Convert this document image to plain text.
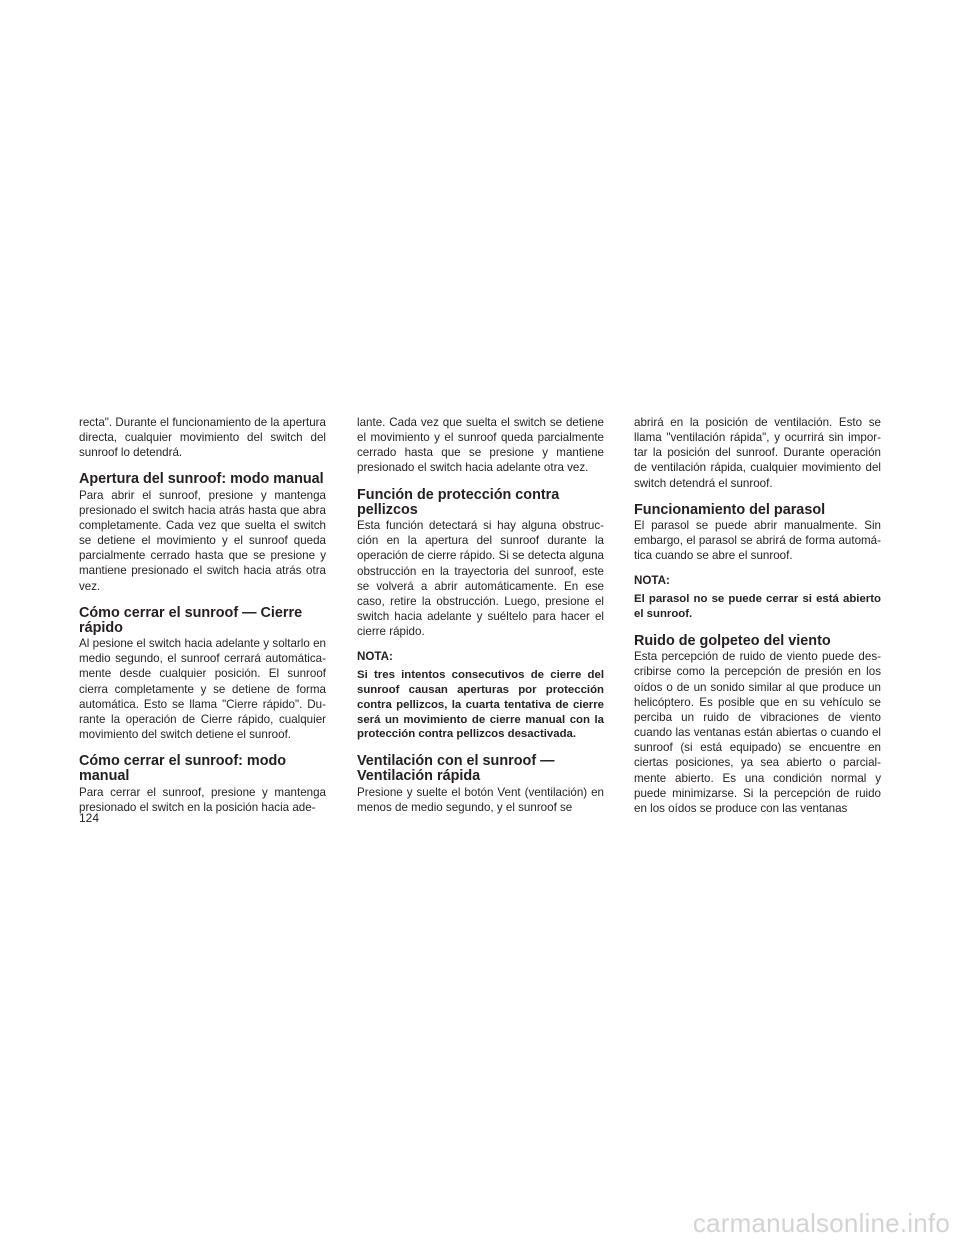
recta". Durante el funcionamiento de la apertura directa, cualquier movimiento del switch del sunroof lo detendrá.

Apertura del sunroof: modo manual

Para abrir el sunroof, presione y mantenga presionado el switch hacia atrás hasta que abra completamente. Cada vez que suelta el switch se detiene el movimiento y el sunroof queda parcialmente cerrado hasta que se presione y mantiene presionado el switch hacia atrás otra vez.

Cómo cerrar el sunroof — Cierre rápido

Al pesione el switch hacia adelante y soltarlo en medio segundo, el sunroof cerrará automática- mente desde cualquier posición. El sunroof cierra completamente y se detiene de forma automática. Esto se llama "Cierre rápido". Du- rante la operación de Cierre rápido, cualquier movimiento del switch detiene el sunroof.

Cómo cerrar el sunroof: modo manual

Para cerrar el sunroof, presione y mantenga presionado el switch en la posición hacia ade-

lante. Cada vez que suelta el switch se detiene el movimiento y el sunroof queda parcialmente cerrado hasta que se presione y mantiene presionado el switch hacia adelante otra vez.

Función de protección contra pellizcos

Esta función detectará si hay alguna obstruc- ción en la apertura del sunroof durante la operación de cierre rápido. Si se detecta alguna obstrucción en la trayectoria del sunroof, este se volverá a abrir automáticamente. En ese caso, retire la obstrucción. Luego, presione el switch hacia adelante y suéltelo para hacer el cierre rápido.

NOTA:

Si tres intentos consecutivos de cierre del sunroof causan aperturas por protección contra pellizcos, la cuarta tentativa de cierre será un movimiento de cierre manual con la protección contra pellizcos desactivada.

Ventilación con el sunroof — Ventilación rápida

Presione y suelte el botón Vent (ventilación) en menos de medio segundo, y el sunroof se

abrirá en la posición de ventilación. Esto se llama "ventilación rápida", y ocurrirá sin impor- tar la posición del sunroof. Durante operación de ventilación rápida, cualquier movimiento del switch detendrá el sunroof.

Funcionamiento del parasol

El parasol se puede abrir manualmente. Sin embargo, el parasol se abrirá de forma automá- tica cuando se abre el sunroof.

NOTA:

El parasol no se puede cerrar si está abierto el sunroof.

Ruido de golpeteo del viento

Esta percepción de ruido de viento puede des- cribirse como la percepción de presión en los oídos o de un sonido similar al que produce un helicóptero. Es posible que en su vehículo se perciba un ruido de vibraciones de viento cuando las ventanas están abiertas o cuando el sunroof (si está equipado) se encuentre en ciertas posiciones, ya sea abierto o parcial- mente abierto. Es una condición normal y puede minimizarse. Si la percepción de ruido en los oídos se produce con las ventanas

124
carmanualsonline.info
